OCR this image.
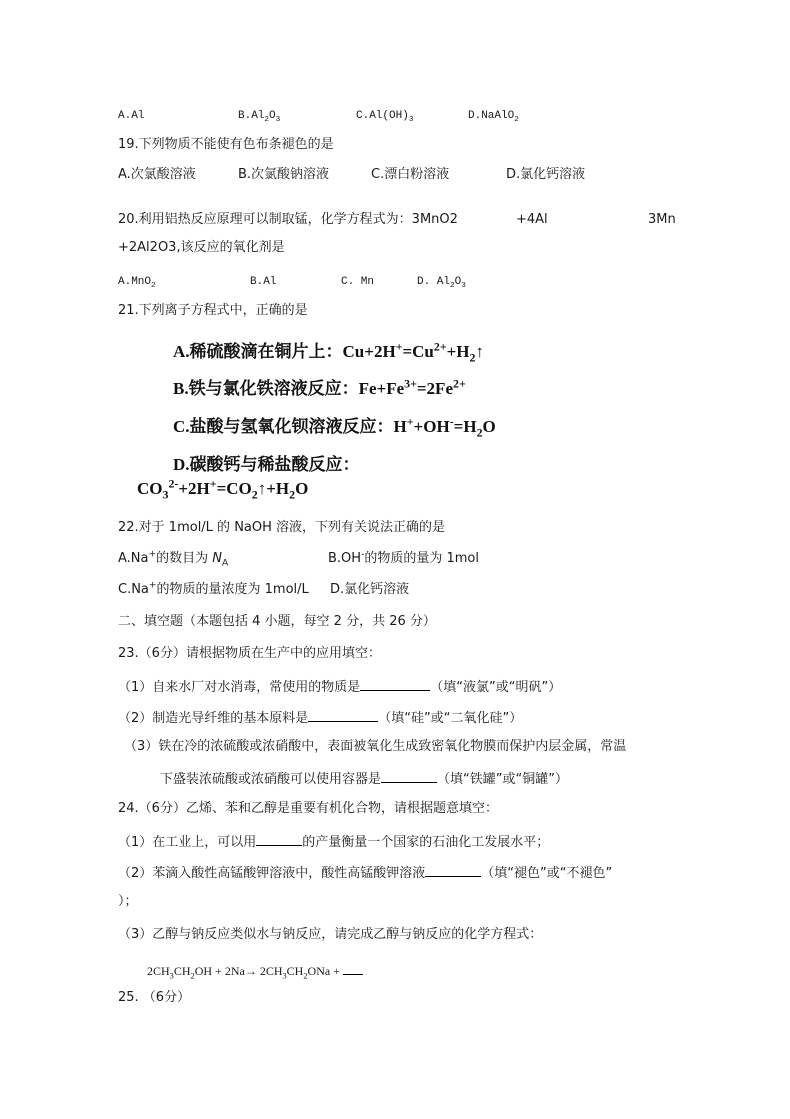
A.Al	$B.Al_2O_3$	$C.Al(OH)_3$	D.NaAlO$_2$
19.下列物质不能使有色布条褪色的是
A.次氯酸溶液	B.次氯酸钠溶液	C.漂白粉溶液	D.氯化钙溶液
20.利用铝热反应原理可以制取锰，化学方程式为：3MnO2	+4Al	3Mn
+2Al2O3,该反应的氧化剂是
A.MnO$_2$	B.Al	C. Mn	D. $Al_2O_3$
21.下列离子方程式中，正确的是
A.稀硫酸滴在铜片上：$Cu+2H^+=Cu^{2+}+H_2↑$
B.铁与氯化铁溶液反应：$Fe+Fe^{3+}=2Fe^{2+}$
C.盐酸与氢氧化钡溶液反应：$H^++OH^-=H_2O$
D.碳酸钙与稀盐酸反应：
$CO_3^{2-}+2H^+=CO_2↑+H_2O$
22.对于 1mol/L 的 NaOH 溶液，下列有关说法正确的是
A.Na+的数目为 $N_A$	B.OH-的物质的量为 1mol
C.Na+的物质的量浓度为 1mol/L D.氯化钙溶液
二、填空题（本题包括 4 小题，每空 2 分，共 26 分）
23.（6分）请根据物质在生产中的应用填空：
（1）自来水厂对水消毒，常使用的物质是	（填“液氯”或“明矾”）
（2）制造光导纤维的基本原料是	（填“硅”或“二氧化硅”）
（3）铁在冷的浓硫酸或浓硝酸中，表面被氧化生成致密氧化物膜而保护内层金属，常温
下盛装浓硫酸或浓硝酸可以使用容器是	（填“铁罐”或“铜罐”）
24.（6分）乙烯、苯和乙醇是重要有机化合物，请根据题意填空：
（1）在工业上，可以用	的产量衡量一个国家的石油化工发展水平；
（2）苯滴入酸性高锰酸钾溶液中，酸性高锰酸钾溶液	（填“褪色”或“不褪色”
）；
（3）乙醇与钠反应类似水与钠反应，请完成乙醇与钠反应的化学方程式：
$2CH_3CH_2OH + 2Na\to 2CH_3CH_2ONa$ +
25. （6分）
